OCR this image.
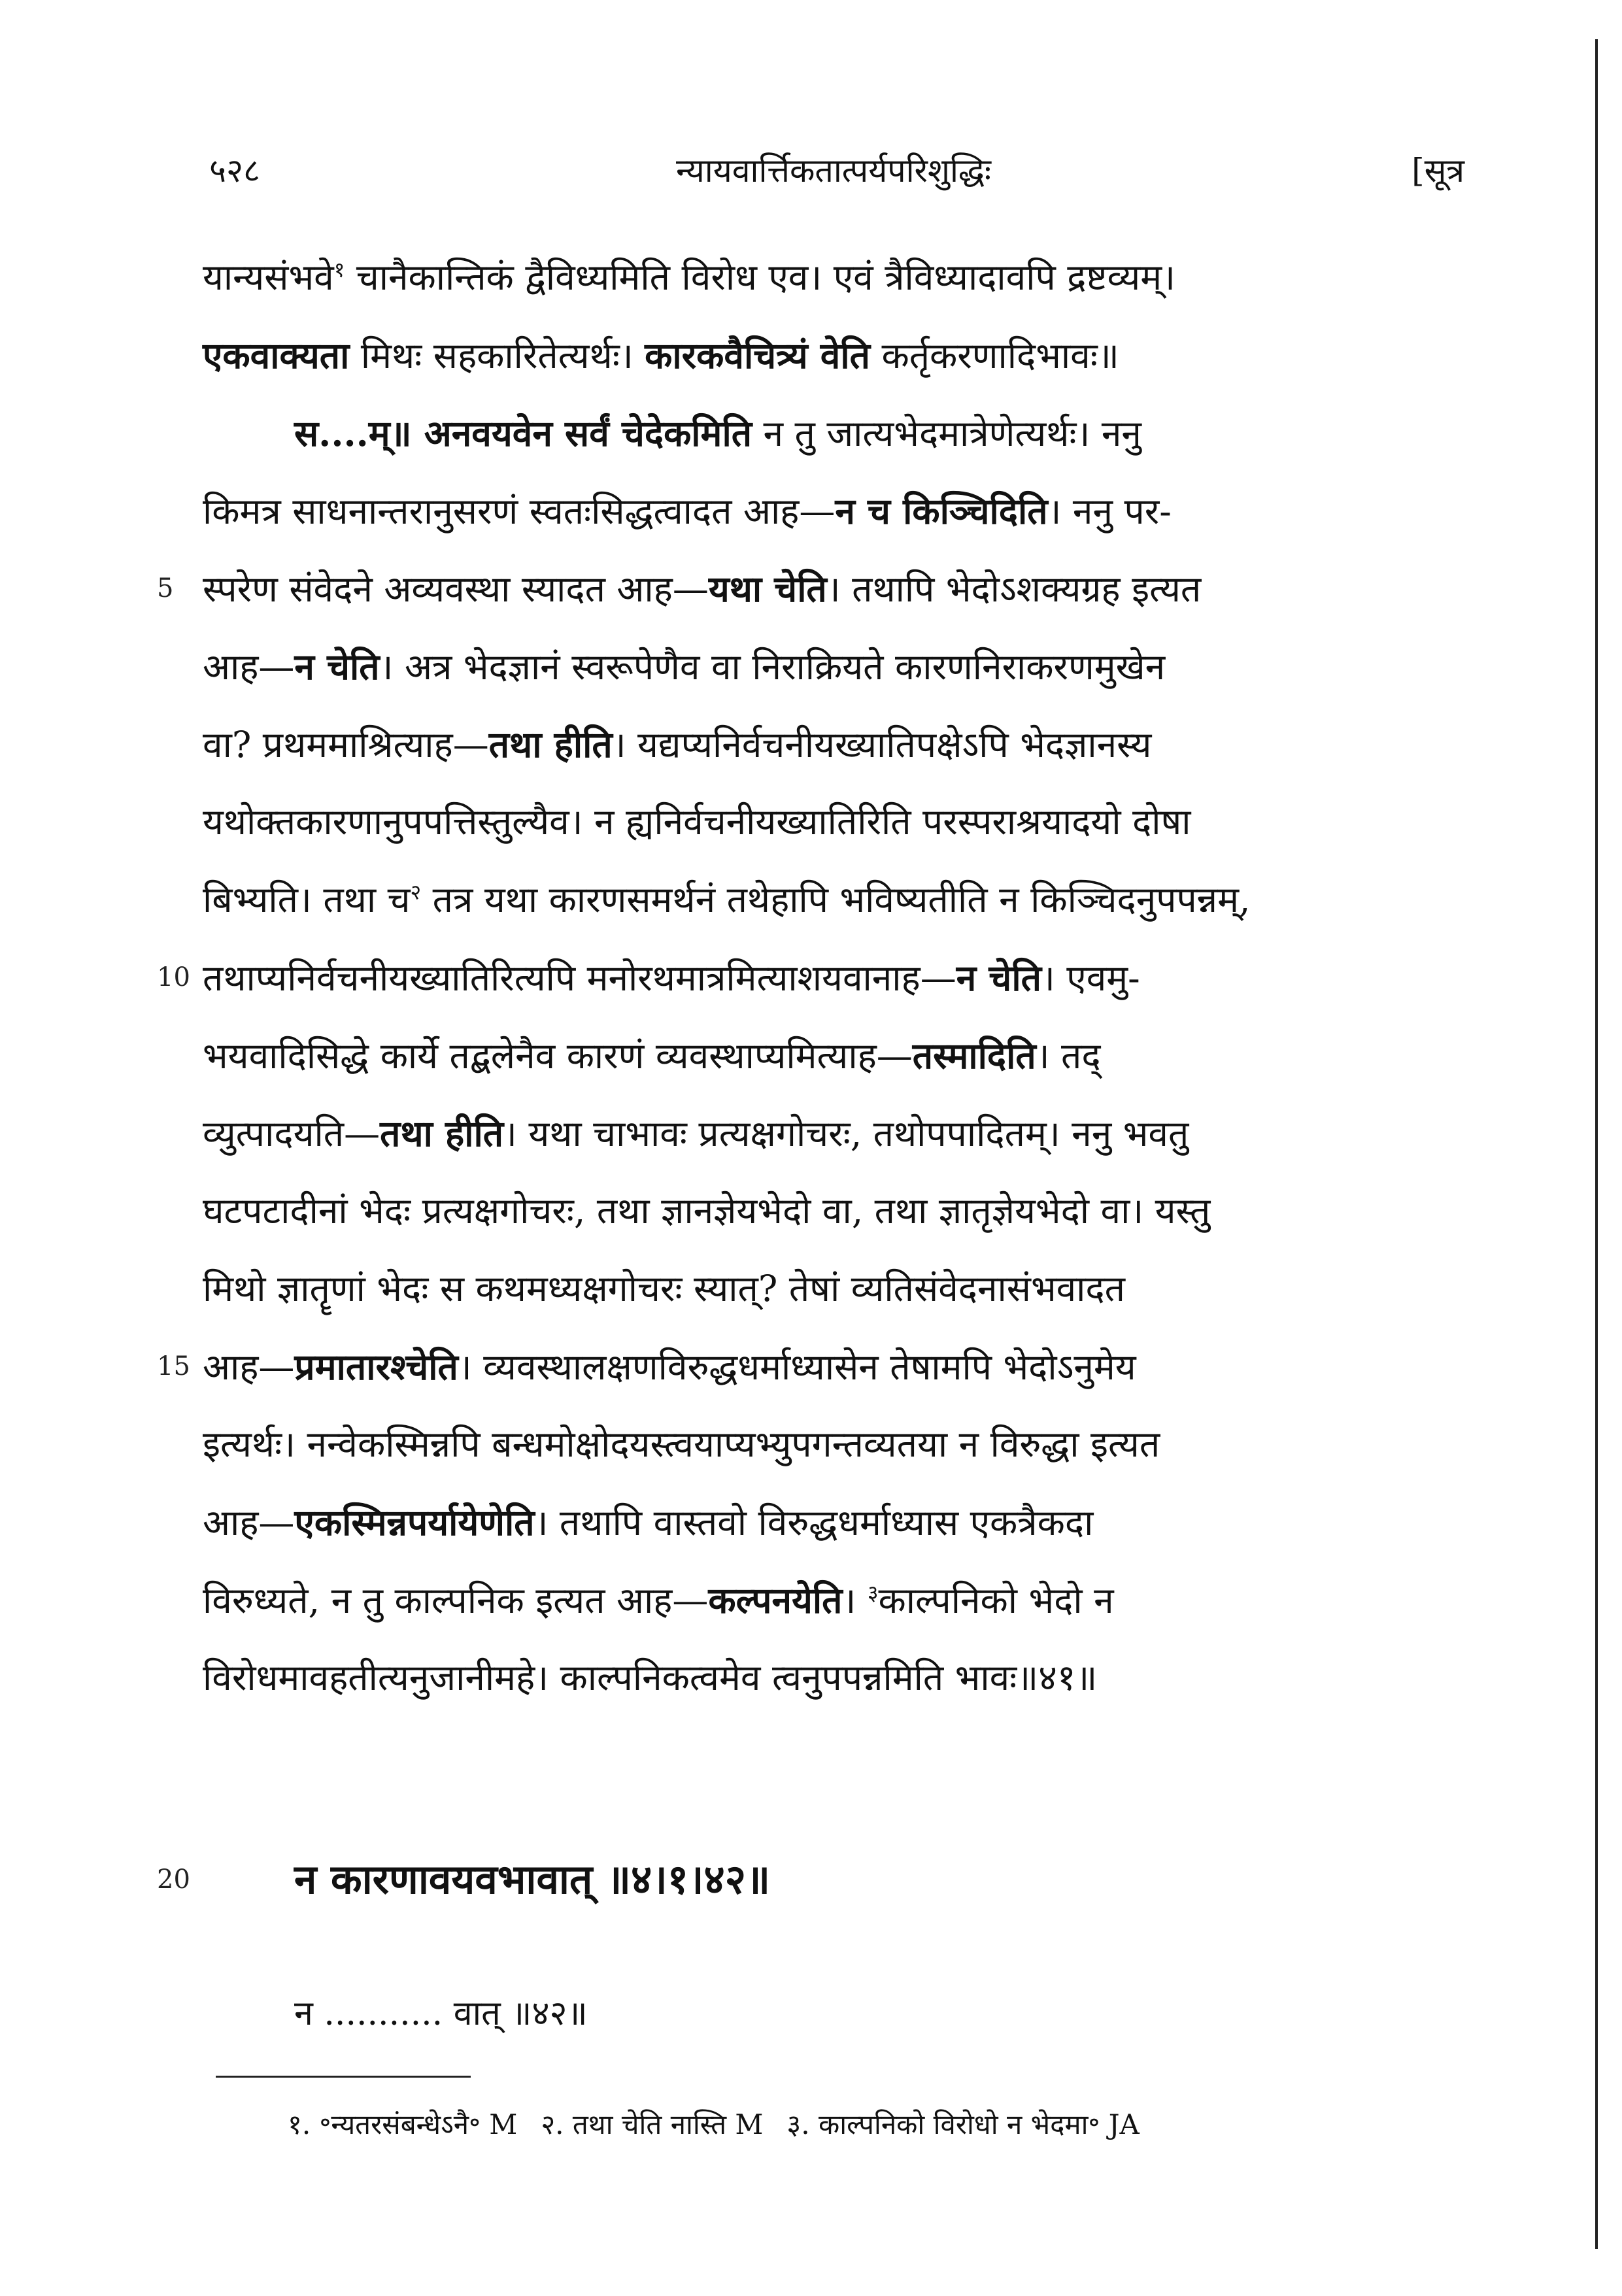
५२८	न्यायवार्त्तिकतात्पर्यपरिशुद्धिः	[सूत्र
यान्यसंभवे$^१$ चानैकान्तिकं द्वैविध्यमिति विरोध एव। एवं त्रैविध्यादावपि द्रष्टव्यम्।
एकवाक्यता मिथः सहकारितेत्यर्थः। कारकवैचित्र्यं वेति कर्तृकरणादिभावः॥
स....म्॥ अनवयवेन सर्वं चेदेकमिति न तु जात्यभेदमात्रेणेत्यर्थः। ननु
किमत्र साधनान्तरानुसरणं स्वतःसिद्धत्वादत आह—न च किञ्चिदिति। ननु पर-
5 स्परेण संवेदने अव्यवस्था स्यादत आह—यथा चेति। तथापि भेदोऽशक्यग्रह इत्यत
आह—न चेति। अत्र भेदज्ञानं स्वरूपेणैव वा निराक्रियते कारणनिराकरणमुखेन
वा? प्रथममाश्रित्याह—तथा हीति। यद्यप्यनिर्वचनीयख्यातिपक्षेऽपि भेदज्ञानस्य
यथोक्तकारणानुपपत्तिस्तुल्यैव। न ह्यनिर्वचनीयख्यातिरिति परस्पराश्रयादयो दोषा
बिभ्यति। तथा च$^२$ तत्र यथा कारणसमर्थनं तथेहापि भविष्यतीति न किञ्चिदनुपपन्नम्,
10 तथाप्यनिर्वचनीयख्यातिरित्यपि मनोरथमात्रमित्याशयवानाह—न चेति। एवमु-
भयवादिसिद्धे कार्ये तद्बलेनैव कारणं व्यवस्थाप्यमित्याह—तस्मादिति। तद्
व्युत्पादयति—तथा हीति। यथा चाभावः प्रत्यक्षगोचरः, तथोपपादितम्। ननु भवतु
घटपटादीनां भेदः प्रत्यक्षगोचरः, तथा ज्ञानज्ञेयभेदो वा, तथा ज्ञातृज्ञेयभेदो वा। यस्तु
मिथो ज्ञातॄणां भेदः स कथमध्यक्षगोचरः स्यात्? तेषां व्यतिसंवेदनासंभवादत
15 आह—प्रमातारश्चेति। व्यवस्थालक्षणविरुद्धधर्माध्यासेन तेषामपि भेदोऽनुमेय
इत्यर्थः। नन्वेकस्मिन्नपि बन्धमोक्षोदयस्त्वयाप्यभ्युपगन्तव्यतया न विरुद्धा इत्यत
आह—एकस्मिन्नपर्यायेणेति। तथापि वास्तवो विरुद्धधर्माध्यास एकत्रैकदा
विरुध्यते, न तु काल्पनिक इत्यत आह—कल्पनयेति। $^३$काल्पनिको भेदो न
विरोधमावहतीत्यनुजानीमहे। काल्पनिकत्वमेव त्वनुपपन्नमिति भावः॥४१॥
20	न कारणावयवभावात् ॥४।१।४२॥
न ........... वात् ॥४२॥
१. ॰न्यतरसंबन्धेऽनै॰ M २. तथा चेति नास्ति M ३. काल्पनिको विरोधो न भेदमा॰ JA
